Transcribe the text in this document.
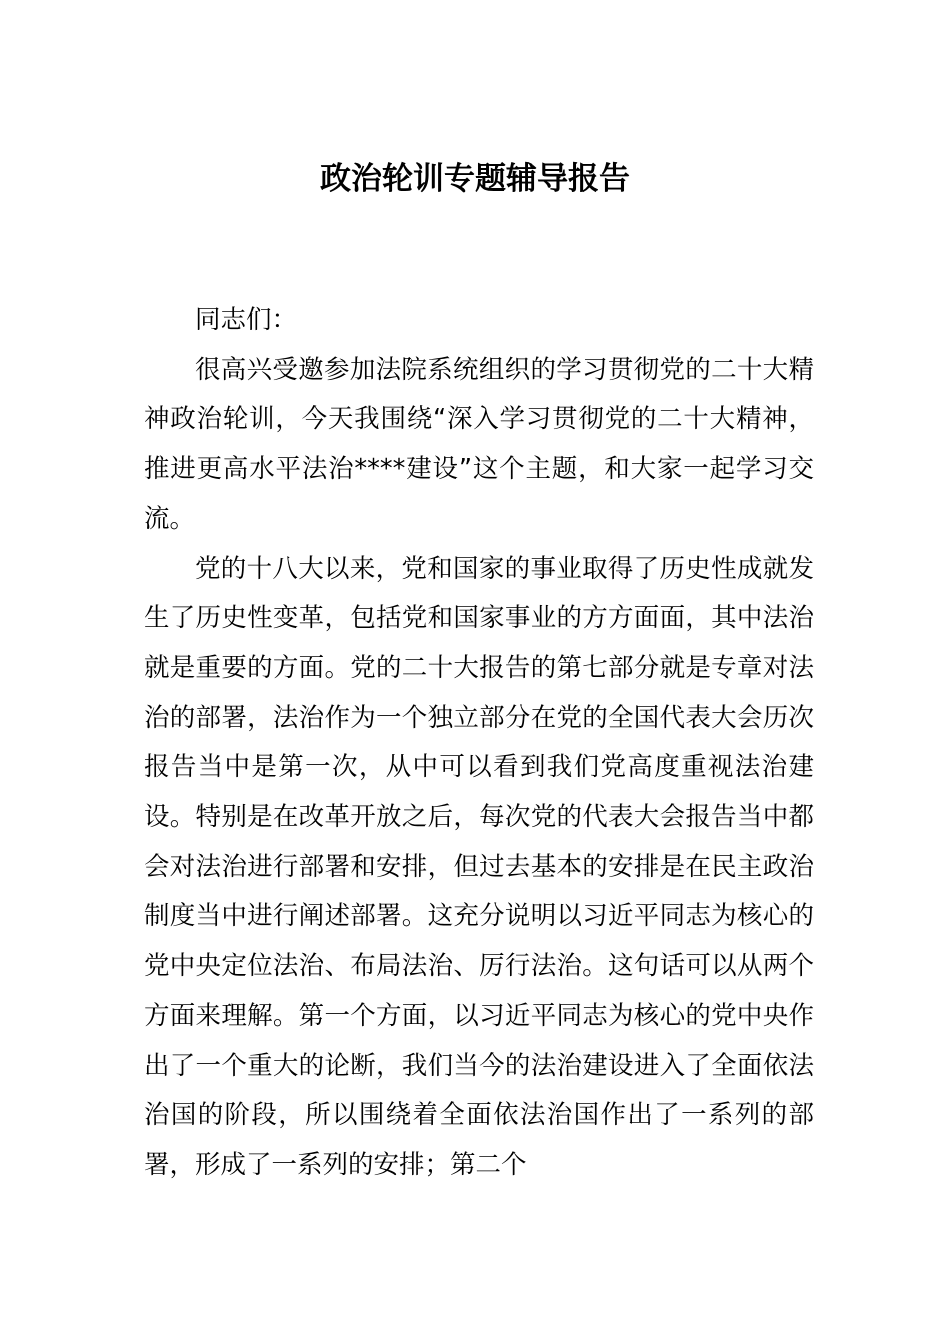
政治轮训专题辅导报告

同志们：

很高兴受邀参加法院系统组织的学习贯彻党的二十大精神政治轮训，今天我围绕“深入学习贯彻党的二十大精神，推进更高水平法治****建设”这个主题，和大家一起学习交流。

党的十八大以来，党和国家的事业取得了历史性成就发生了历史性变革，包括党和国家事业的方方面面，其中法治就是重要的方面。党的二十大报告的第七部分就是专章对法治的部署，法治作为一个独立部分在党的全国代表大会历次报告当中是第一次，从中可以看到我们党高度重视法治建设。特别是在改革开放之后，每次党的代表大会报告当中都会对法治进行部署和安排，但过去基本的安排是在民主政治制度当中进行阐述部署。这充分说明以习近平同志为核心的党中央定位法治、布局法治、厉行法治。这句话可以从两个方面来理解。第一个方面，以习近平同志为核心的党中央作出了一个重大的论断，我们当今的法治建设进入了全面依法治国的阶段，所以围绕着全面依法治国作出了一系列的部署，形成了一系列的安排；第二个
